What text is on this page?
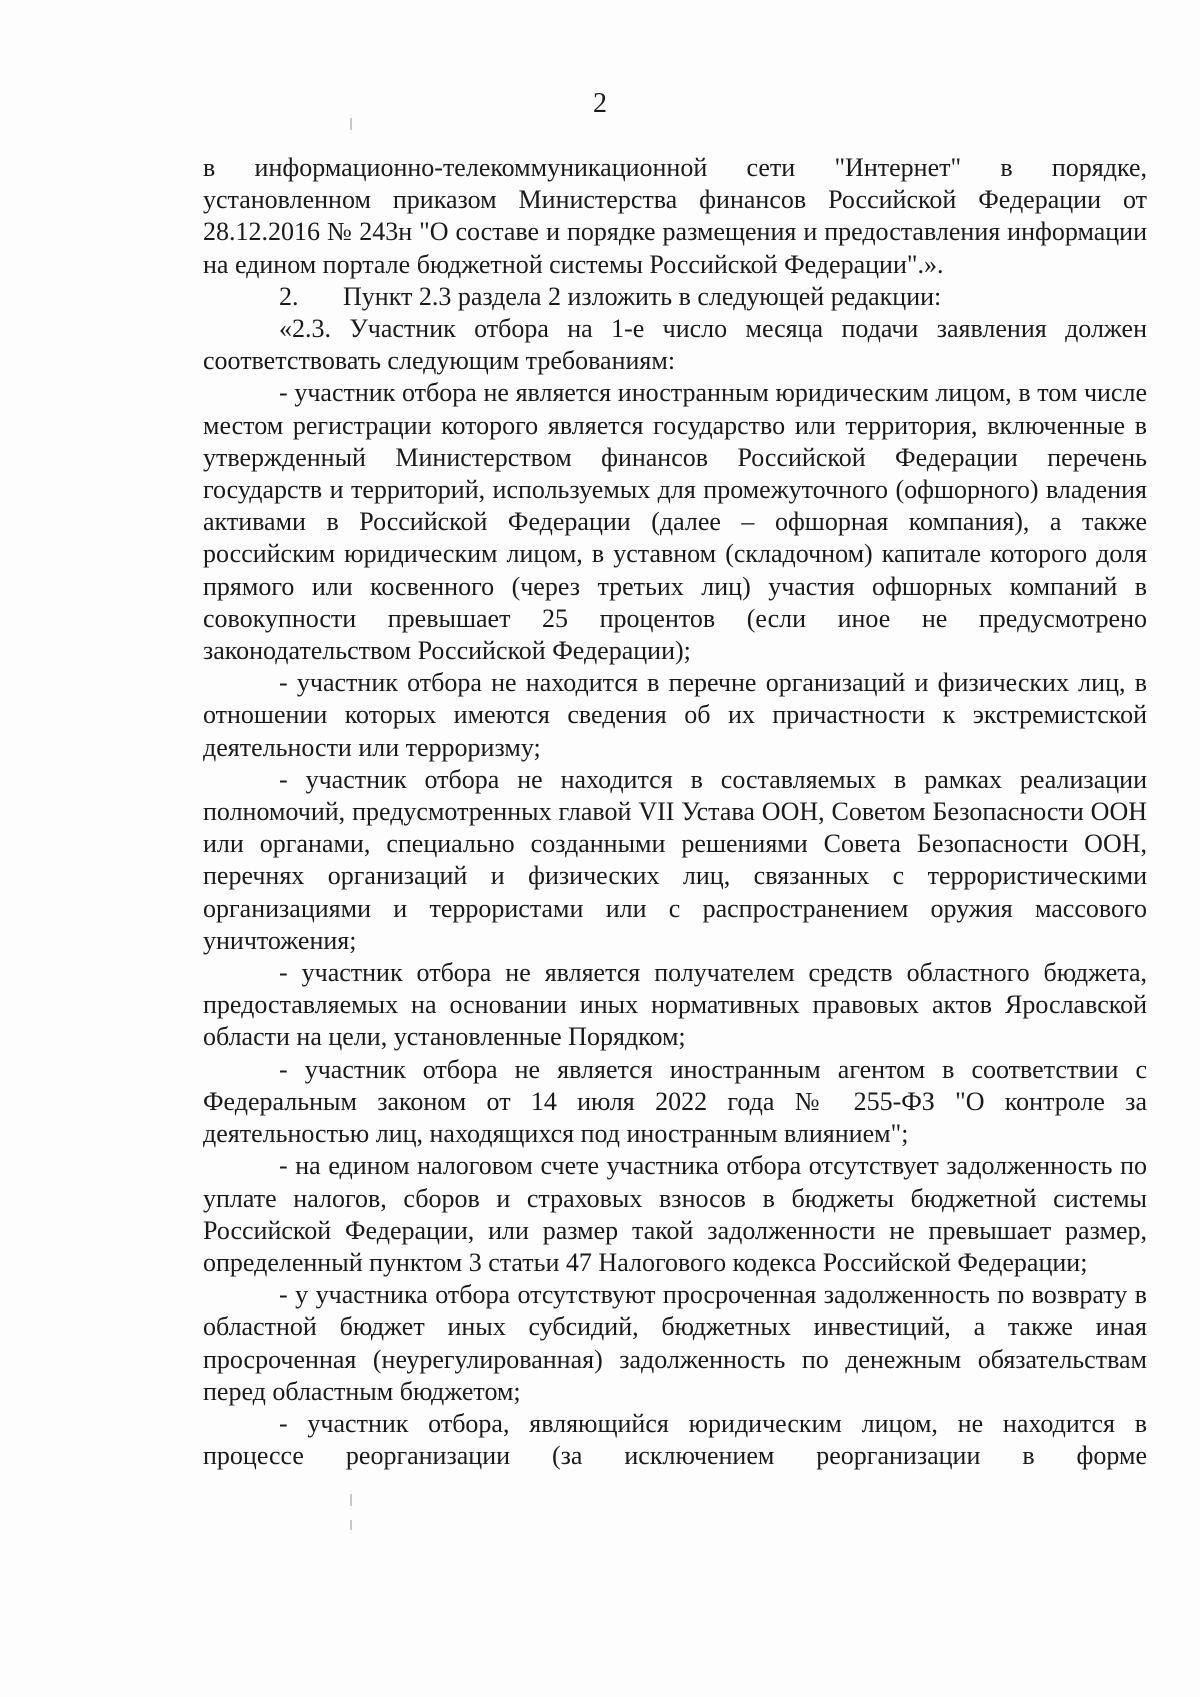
2

в информационно-телекоммуникационной сети "Интернет" в порядке, установленном приказом Министерства финансов Российской Федерации от 28.12.2016 № 243н "О составе и порядке размещения и предоставления информации на едином портале бюджетной системы Российской Федерации".».

2. Пункт 2.3 раздела 2 изложить в следующей редакции:

«2.3. Участник отбора на 1-е число месяца подачи заявления должен соответствовать следующим требованиям:

- участник отбора не является иностранным юридическим лицом, в том числе местом регистрации которого является государство или территория, включенные в утвержденный Министерством финансов Российской Федерации перечень государств и территорий, используемых для промежуточного (офшорного) владения активами в Российской Федерации (далее – офшорная компания), а также российским юридическим лицом, в уставном (складочном) капитале которого доля прямого или косвенного (через третьих лиц) участия офшорных компаний в совокупности превышает 25 процентов (если иное не предусмотрено законодательством Российской Федерации);

- участник отбора не находится в перечне организаций и физических лиц, в отношении которых имеются сведения об их причастности к экстремистской деятельности или терроризму;

- участник отбора не находится в составляемых в рамках реализации полномочий, предусмотренных главой VII Устава ООН, Советом Безопасности ООН или органами, специально созданными решениями Совета Безопасности ООН, перечнях организаций и физических лиц, связанных с террористическими организациями и террористами или с распространением оружия массового уничтожения;

- участник отбора не является получателем средств областного бюджета, предоставляемых на основании иных нормативных правовых актов Ярославской области на цели, установленные Порядком;

- участник отбора не является иностранным агентом в соответствии с Федеральным законом от 14 июля 2022 года № 255-ФЗ "О контроле за деятельностью лиц, находящихся под иностранным влиянием";

- на едином налоговом счете участника отбора отсутствует задолженность по уплате налогов, сборов и страховых взносов в бюджеты бюджетной системы Российской Федерации, или размер такой задолженности не превышает размер, определенный пунктом 3 статьи 47 Налогового кодекса Российской Федерации;

- у участника отбора отсутствуют просроченная задолженность по возврату в областной бюджет иных субсидий, бюджетных инвестиций, а также иная просроченная (неурегулированная) задолженность по денежным обязательствам перед областным бюджетом;

- участник отбора, являющийся юридическим лицом, не находится в процессе реорганизации (за исключением реорганизации в форме
